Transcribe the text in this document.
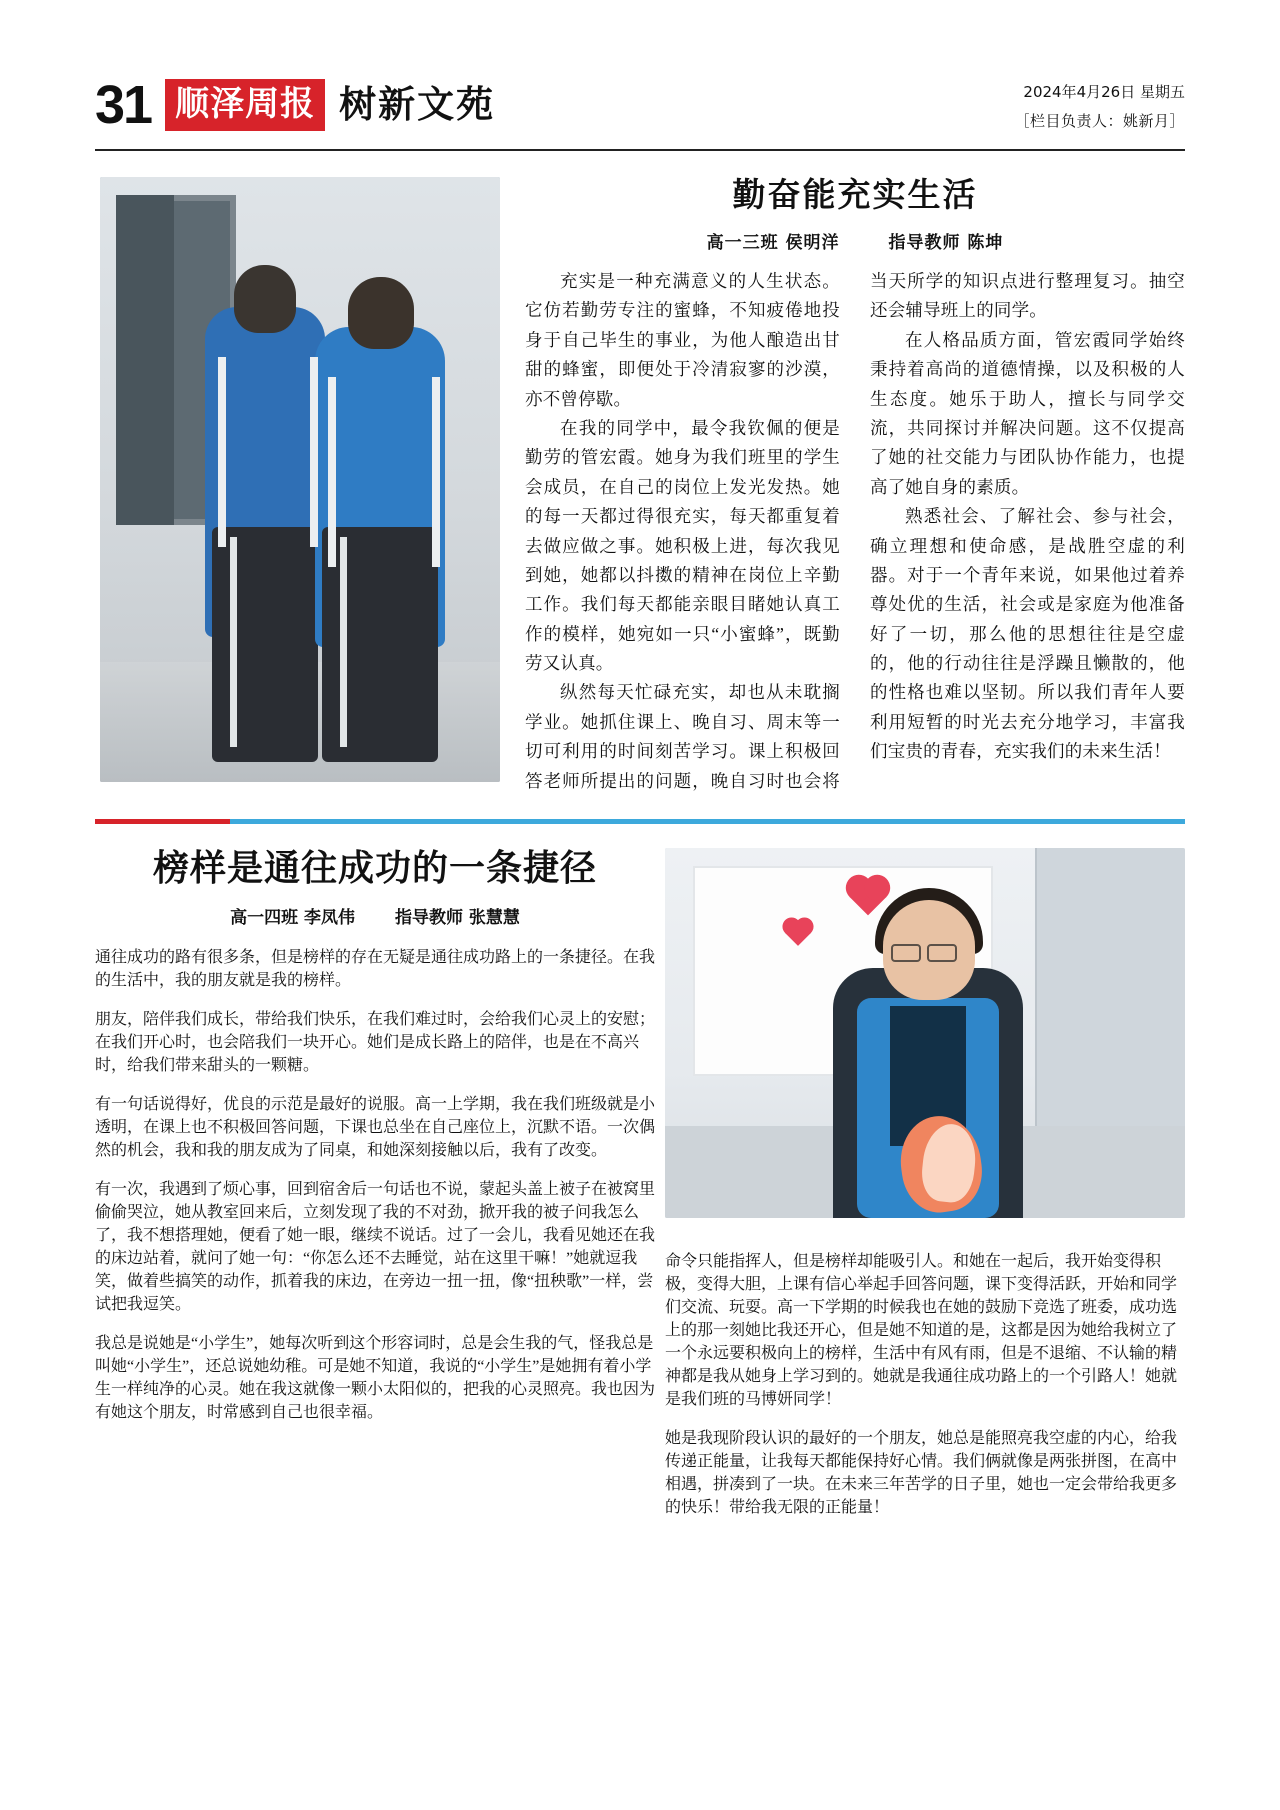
31 顺泽周报 树新文苑	2024年4月26日 星期五
［栏目负责人：姚新月］
勤奋能充实生活
高一三班 侯明洋	指导教师 陈坤

充实是一种充满意义的人生状态。它仿若勤劳专注的蜜蜂，不知疲倦地投身于自己毕生的事业，为他人酿造出甘甜的蜂蜜，即便处于冷清寂寥的沙漠，亦不曾停歇。

在我的同学中，最令我钦佩的便是勤劳的管宏霞。她身为我们班里的学生会成员，在自己的岗位上发光发热。她的每一天都过得很充实，每天都重复着去做应做之事。她积极上进，每次我见到她，她都以抖擞的精神在岗位上辛勤工作。我们每天都能亲眼目睹她认真工作的模样，她宛如一只“小蜜蜂”，既勤劳又认真。

纵然每天忙碌充实，却也从未耽搁学业。她抓住课上、晚自习、周末等一切可利用的时间刻苦学习。课上积极回答老师所提出的问题，晚自习时也会将当天所学的知识点进行整理复习。抽空还会辅导班上的同学。

在人格品质方面，管宏霞同学始终秉持着高尚的道德情操，以及积极的人生态度。她乐于助人，擅长与同学交流，共同探讨并解决问题。这不仅提高了她的社交能力与团队协作能力，也提高了她自身的素质。

熟悉社会、了解社会、参与社会，确立理想和使命感，是战胜空虚的利器。对于一个青年来说，如果他过着养尊处优的生活，社会或是家庭为他准备好了一切，那么他的思想往往是空虚的，他的行动往往是浮躁且懒散的，他的性格也难以坚韧。所以我们青年人要利用短暂的时光去充分地学习，丰富我们宝贵的青春，充实我们的未来生活！

榜样是通往成功的一条捷径
高一四班 李凤伟 指导教师 张慧慧

通往成功的路有很多条，但是榜样的存在无疑是通往成功路上的一条捷径。在我的生活中，我的朋友就是我的榜样。

朋友，陪伴我们成长，带给我们快乐，在我们难过时，会给我们心灵上的安慰；在我们开心时，也会陪我们一块开心。她们是成长路上的陪伴，也是在不高兴时，给我们带来甜头的一颗糖。

有一句话说得好，优良的示范是最好的说服。高一上学期，我在我们班级就是小透明，在课上也不积极回答问题，下课也总坐在自己座位上，沉默不语。一次偶然的机会，我和我的朋友成为了同桌，和她深刻接触以后，我有了改变。

有一次，我遇到了烦心事，回到宿舍后一句话也不说，蒙起头盖上被子在被窝里偷偷哭泣，她从教室回来后，立刻发现了我的不对劲，掀开我的被子问我怎么了，我不想搭理她，便看了她一眼，继续不说话。过了一会儿，我看见她还在我的床边站着，就问了她一句：“你怎么还不去睡觉，站在这里干嘛！”她就逗我笑，做着些搞笑的动作，抓着我的床边，在旁边一扭一扭，像“扭秧歌”一样，尝试把我逗笑。

我总是说她是“小学生”，她每次听到这个形容词时，总是会生我的气，怪我总是叫她“小学生”，还总说她幼稚。可是她不知道，我说的“小学生”是她拥有着小学生一样纯净的心灵。她在我这就像一颗小太阳似的，把我的心灵照亮。我也因为有她这个朋友，时常感到自己也很幸福。

命令只能指挥人，但是榜样却能吸引人。和她在一起后，我开始变得积极，变得大胆，上课有信心举起手回答问题，课下变得活跃，开始和同学们交流、玩耍。高一下学期的时候我也在她的鼓励下竞选了班委，成功选上的那一刻她比我还开心，但是她不知道的是，这都是因为她给我树立了一个永远要积极向上的榜样，生活中有风有雨，但是不退缩、不认输的精神都是我从她身上学习到的。她就是我通往成功路上的一个引路人！她就是我们班的马博妍同学！

她是我现阶段认识的最好的一个朋友，她总是能照亮我空虚的内心，给我传递正能量，让我每天都能保持好心情。我们俩就像是两张拼图，在高中相遇，拼凑到了一块。在未来三年苦学的日子里，她也一定会带给我更多的快乐！带给我无限的正能量！
